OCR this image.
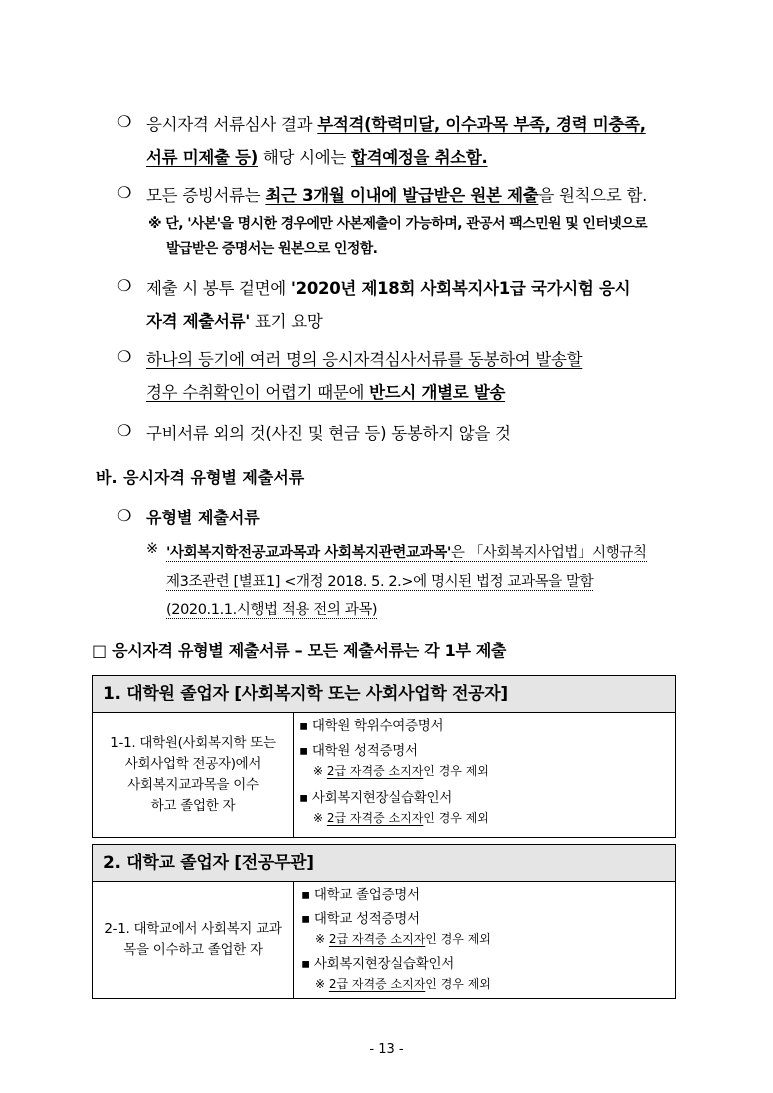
❍ 응시자격 서류심사 결과 부적격(학력미달, 이수과목 부족, 경력 미충족,
서류 미제출 등) 해당 시에는 합격예정을 취소함.
❍ 모든 증빙서류는 최근 3개월 이내에 발급받은 원본 제출을 원칙으로 함.
※ 단, '사본'을 명시한 경우에만 사본제출이 가능하며, 관공서 팩스민원 및 인터넷으로
발급받은 증명서는 원본으로 인정함.
❍ 제출 시 봉투 겉면에 '2020년 제18회 사회복지사1급 국가시험 응시
자격 제출서류' 표기 요망
❍ 하나의 등기에 여러 명의 응시자격심사서류를 동봉하여 발송할
경우 수취확인이 어렵기 때문에 반드시 개별로 발송
❍ 구비서류 외의 것(사진 및 현금 등) 동봉하지 않을 것
바. 응시자격 유형별 제출서류
❍ 유형별 제출서류
※ '사회복지학전공교과목과 사회복지관련교과목'은 「사회복지사업법」시행규칙
제3조관련 [별표1] <개정 2018. 5. 2.>에 명시된 법정 교과목을 말함
(2020.1.1.시행법 적용 전의 과목)
□ 응시자격 유형별 제출서류 – 모든 제출서류는 각 1부 제출
1. 대학원 졸업자 [사회복지학 또는 사회사업학 전공자]
1-1. 대학원(사회복지학 또는
사회사업학 전공자)에서
사회복지교과목을 이수
하고 졸업한 자
▪ 대학원 학위수여증명서
▪ 대학원 성적증명서
※ 2급 자격증 소지자인 경우 제외
▪ 사회복지현장실습확인서
※ 2급 자격증 소지자인 경우 제외
2. 대학교 졸업자 [전공무관]
2-1. 대학교에서 사회복지 교과
목을 이수하고 졸업한 자
▪ 대학교 졸업증명서
▪ 대학교 성적증명서
※ 2급 자격증 소지자인 경우 제외
▪ 사회복지현장실습확인서
※ 2급 자격증 소지자인 경우 제외
- 13 -
